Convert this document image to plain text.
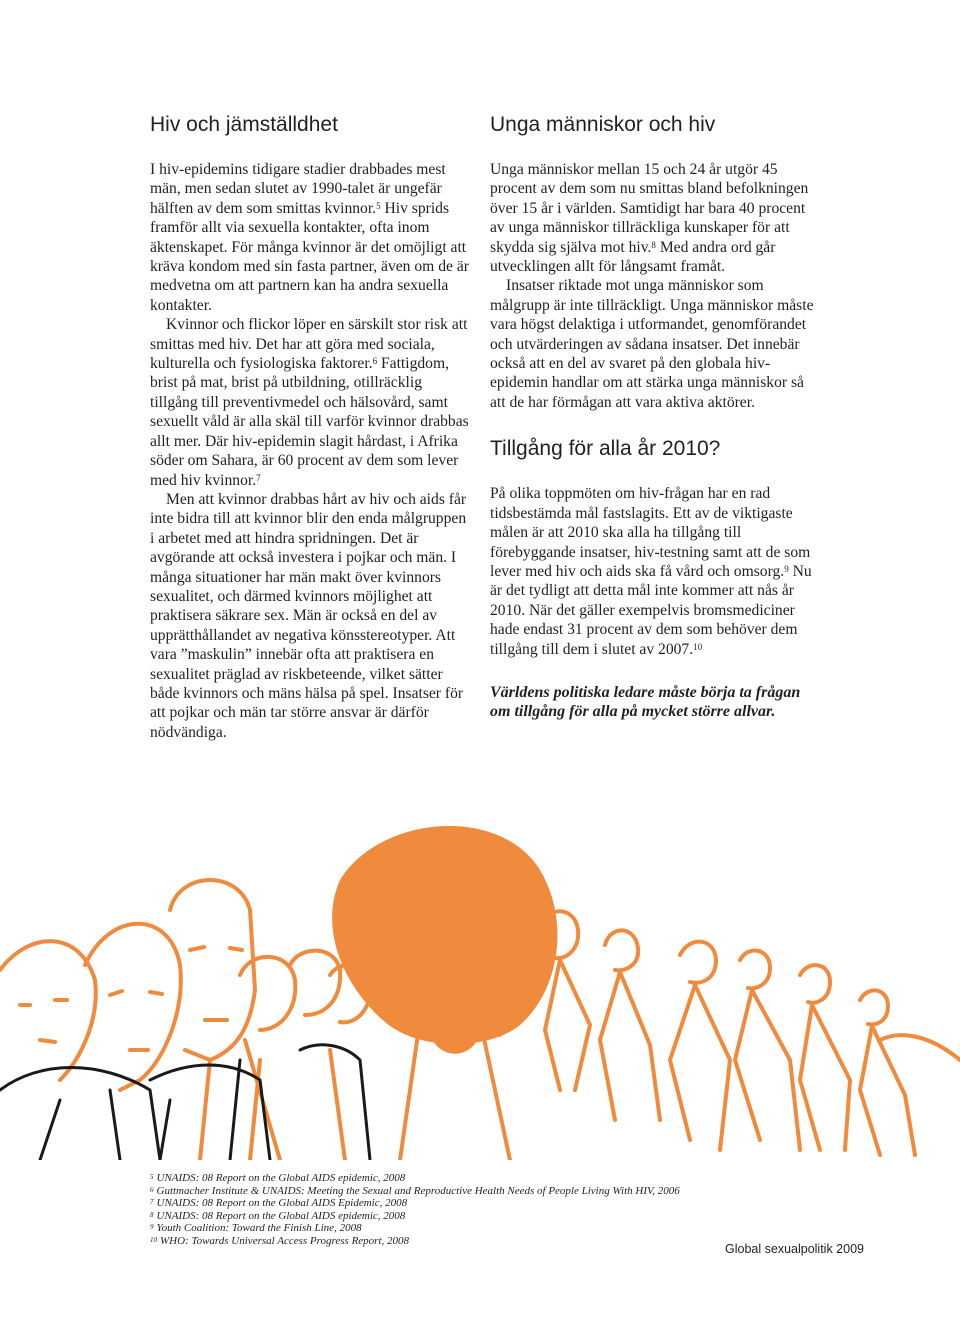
Hiv och jämställdhet

I hiv-epidemins tidigare stadier drabbades mest män, men sedan slutet av 1990-talet är ungefär hälften av dem som smittas kvinnor.$^5$ Hiv sprids framför allt via sexuella kontakter, ofta inom äktenskapet. För många kvinnor är det omöjligt att kräva kondom med sin fasta partner, även om de är medvetna om att partnern kan ha andra sexuella kontakter.

Kvinnor och flickor löper en särskilt stor risk att smittas med hiv. Det har att göra med sociala, kulturella och fysiologiska faktorer.$^6$ Fattigdom, brist på mat, brist på utbildning, otillräcklig tillgång till preventivmedel och hälsovård, samt sexuellt våld är alla skäl till varför kvinnor drabbas allt mer. Där hiv-epidemin slagit hårdast, i Afrika söder om Sahara, är 60 procent av dem som lever med hiv kvinnor.$^7$

Men att kvinnor drabbas hårt av hiv och aids får inte bidra till att kvinnor blir den enda målgruppen i arbetet med att hindra spridningen. Det är avgörande att också investera i pojkar och män. I många situationer har män makt över kvinnors sexualitet, och därmed kvinnors möjlighet att praktisera säkrare sex. Män är också en del av upprätthållandet av negativa könsstereotyper. Att vara ”maskulin” innebär ofta att praktisera en sexualitet präglad av riskbeteende, vilket sätter både kvinnors och mäns hälsa på spel. Insatser för att pojkar och män tar större ansvar är därför nödvändiga.

Unga människor och hiv

Unga människor mellan 15 och 24 år utgör 45 procent av dem som nu smittas bland befolkningen över 15 år i världen. Samtidigt har bara 40 procent av unga människor tillräckliga kunskaper för att skydda sig själva mot hiv.$^8$ Med andra ord går utvecklingen allt för långsamt framåt.

Insatser riktade mot unga människor som målgrupp är inte tillräckligt. Unga människor måste vara högst delaktiga i utformandet, genomförandet och utvärderingen av sådana insatser. Det innebär också att en del av svaret på den globala hiv-epidemin handlar om att stärka unga människor så att de har förmågan att vara aktiva aktörer.

Tillgång för alla år 2010?

På olika toppmöten om hiv-frågan har en rad tidsbestämda mål fastslagits. Ett av de viktigaste målen är att 2010 ska alla ha tillgång till förebyggande insatser, hiv-testning samt att de som lever med hiv och aids ska få vård och omsorg.$^9$ Nu är det tydligt att detta mål inte kommer att nås år 2010. När det gäller exempelvis bromsmediciner hade endast 31 procent av dem som behöver dem tillgång till dem i slutet av 2007.10

Världens politiska ledare måste börja ta frågan om tillgång för alla på mycket större allvar.

$^5$ UNAIDS: 08 Report on the Global AIDS epidemic, 2008
$^6$ Guttmacher Institute & UNAIDS: Meeting the Sexual and Reproductive Health Needs of People Living With HIV, 2006
$^7$ UNAIDS: 08 Report on the Global AIDS Epidemic, 2008
$^8$ UNAIDS: 08 Report on the Global AIDS epidemic, 2008
$^9$ Youth Coalition: Toward the Finish Line, 2008
$^{10}$ WHO: Towards Universal Access Progress Report, 2008
Global sexualpolitik 2009
